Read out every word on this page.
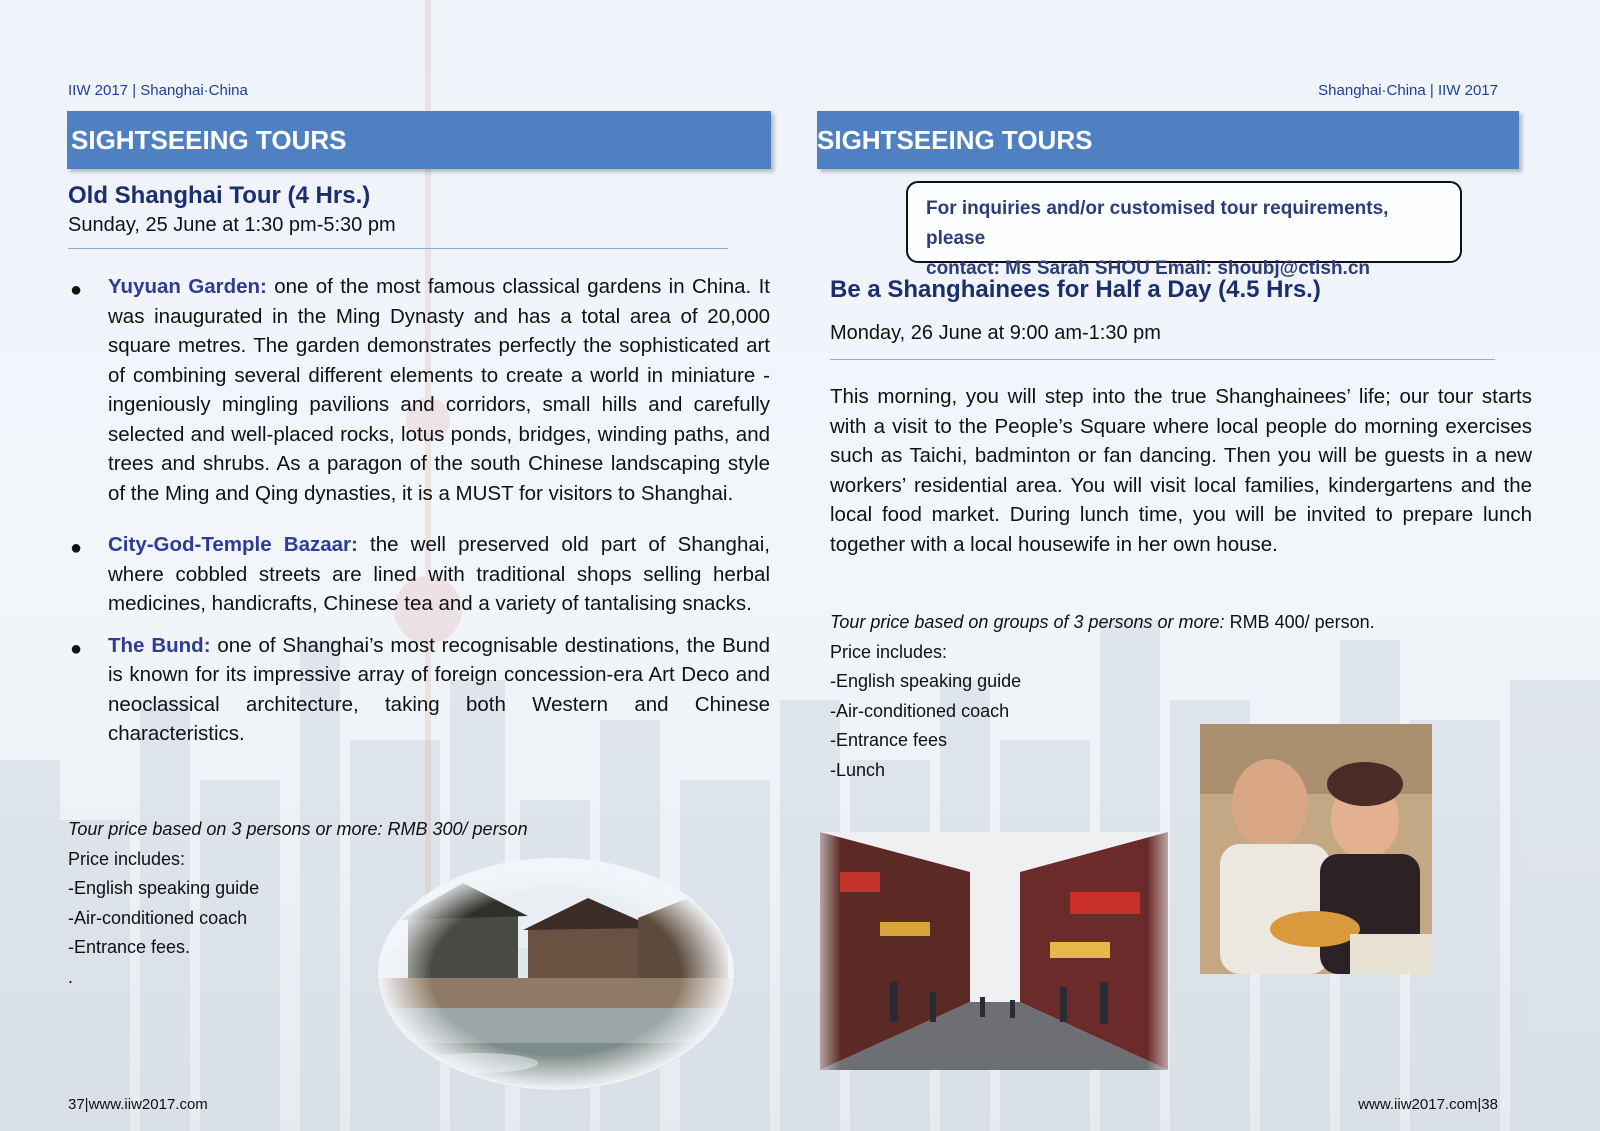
IIW 2017 | Shanghai·China
SIGHTSEEING TOURS
Old Shanghai Tour (4 Hrs.)
Sunday, 25 June at 1:30 pm-5:30 pm
● Yuyuan Garden: one of the most famous classical gardens in China. It was inaugurated in the Ming Dynasty and has a total area of 20,000 square metres. The garden demonstrates perfectly the sophisticated art of combining several different elements to create a world in miniature - ingeniously mingling pavilions and corridors, small hills and carefully selected and well-placed rocks, lotus ponds, bridges, winding paths, and trees and shrubs. As a paragon of the south Chinese landscaping style of the Ming and Qing dynasties, it is a MUST for visitors to Shanghai.
● City-God-Temple Bazaar: the well preserved old part of Shanghai, where cobbled streets are lined with traditional shops selling herbal medicines, handicrafts, Chinese tea and a variety of tantalising snacks.
● The Bund: one of Shanghai’s most recognisable destinations, the Bund is known for its impressive array of foreign concession-era Art Deco and neoclassical architecture, taking both Western and Chinese characteristics.
Tour price based on 3 persons or more: RMB 300/ person
Price includes:
-English speaking guide
-Air-conditioned coach
-Entrance fees.
.
37|www.iiw2017.com
Shanghai·China | IIW 2017
SIGHTSEEING TOURS
For inquiries and/or customised tour requirements, please
contact: Ms Sarah SHOU Email: shoubj@ctish.cn
Be a Shanghainees for Half a Day (4.5 Hrs.)
Monday, 26 June at 9:00 am-1:30 pm
This morning, you will step into the true Shanghainees’ life; our tour starts with a visit to the People’s Square where local people do morning exercises such as Taichi, badminton or fan dancing. Then you will be guests in a new workers’ residential area. You will visit local families, kindergartens and the local food market. During lunch time, you will be invited to prepare lunch together with a local housewife in her own house.
Tour price based on groups of 3 persons or more: RMB 400/ person.
Price includes:
-English speaking guide
-Air-conditioned coach
-Entrance fees
-Lunch
www.iiw2017.com|38
